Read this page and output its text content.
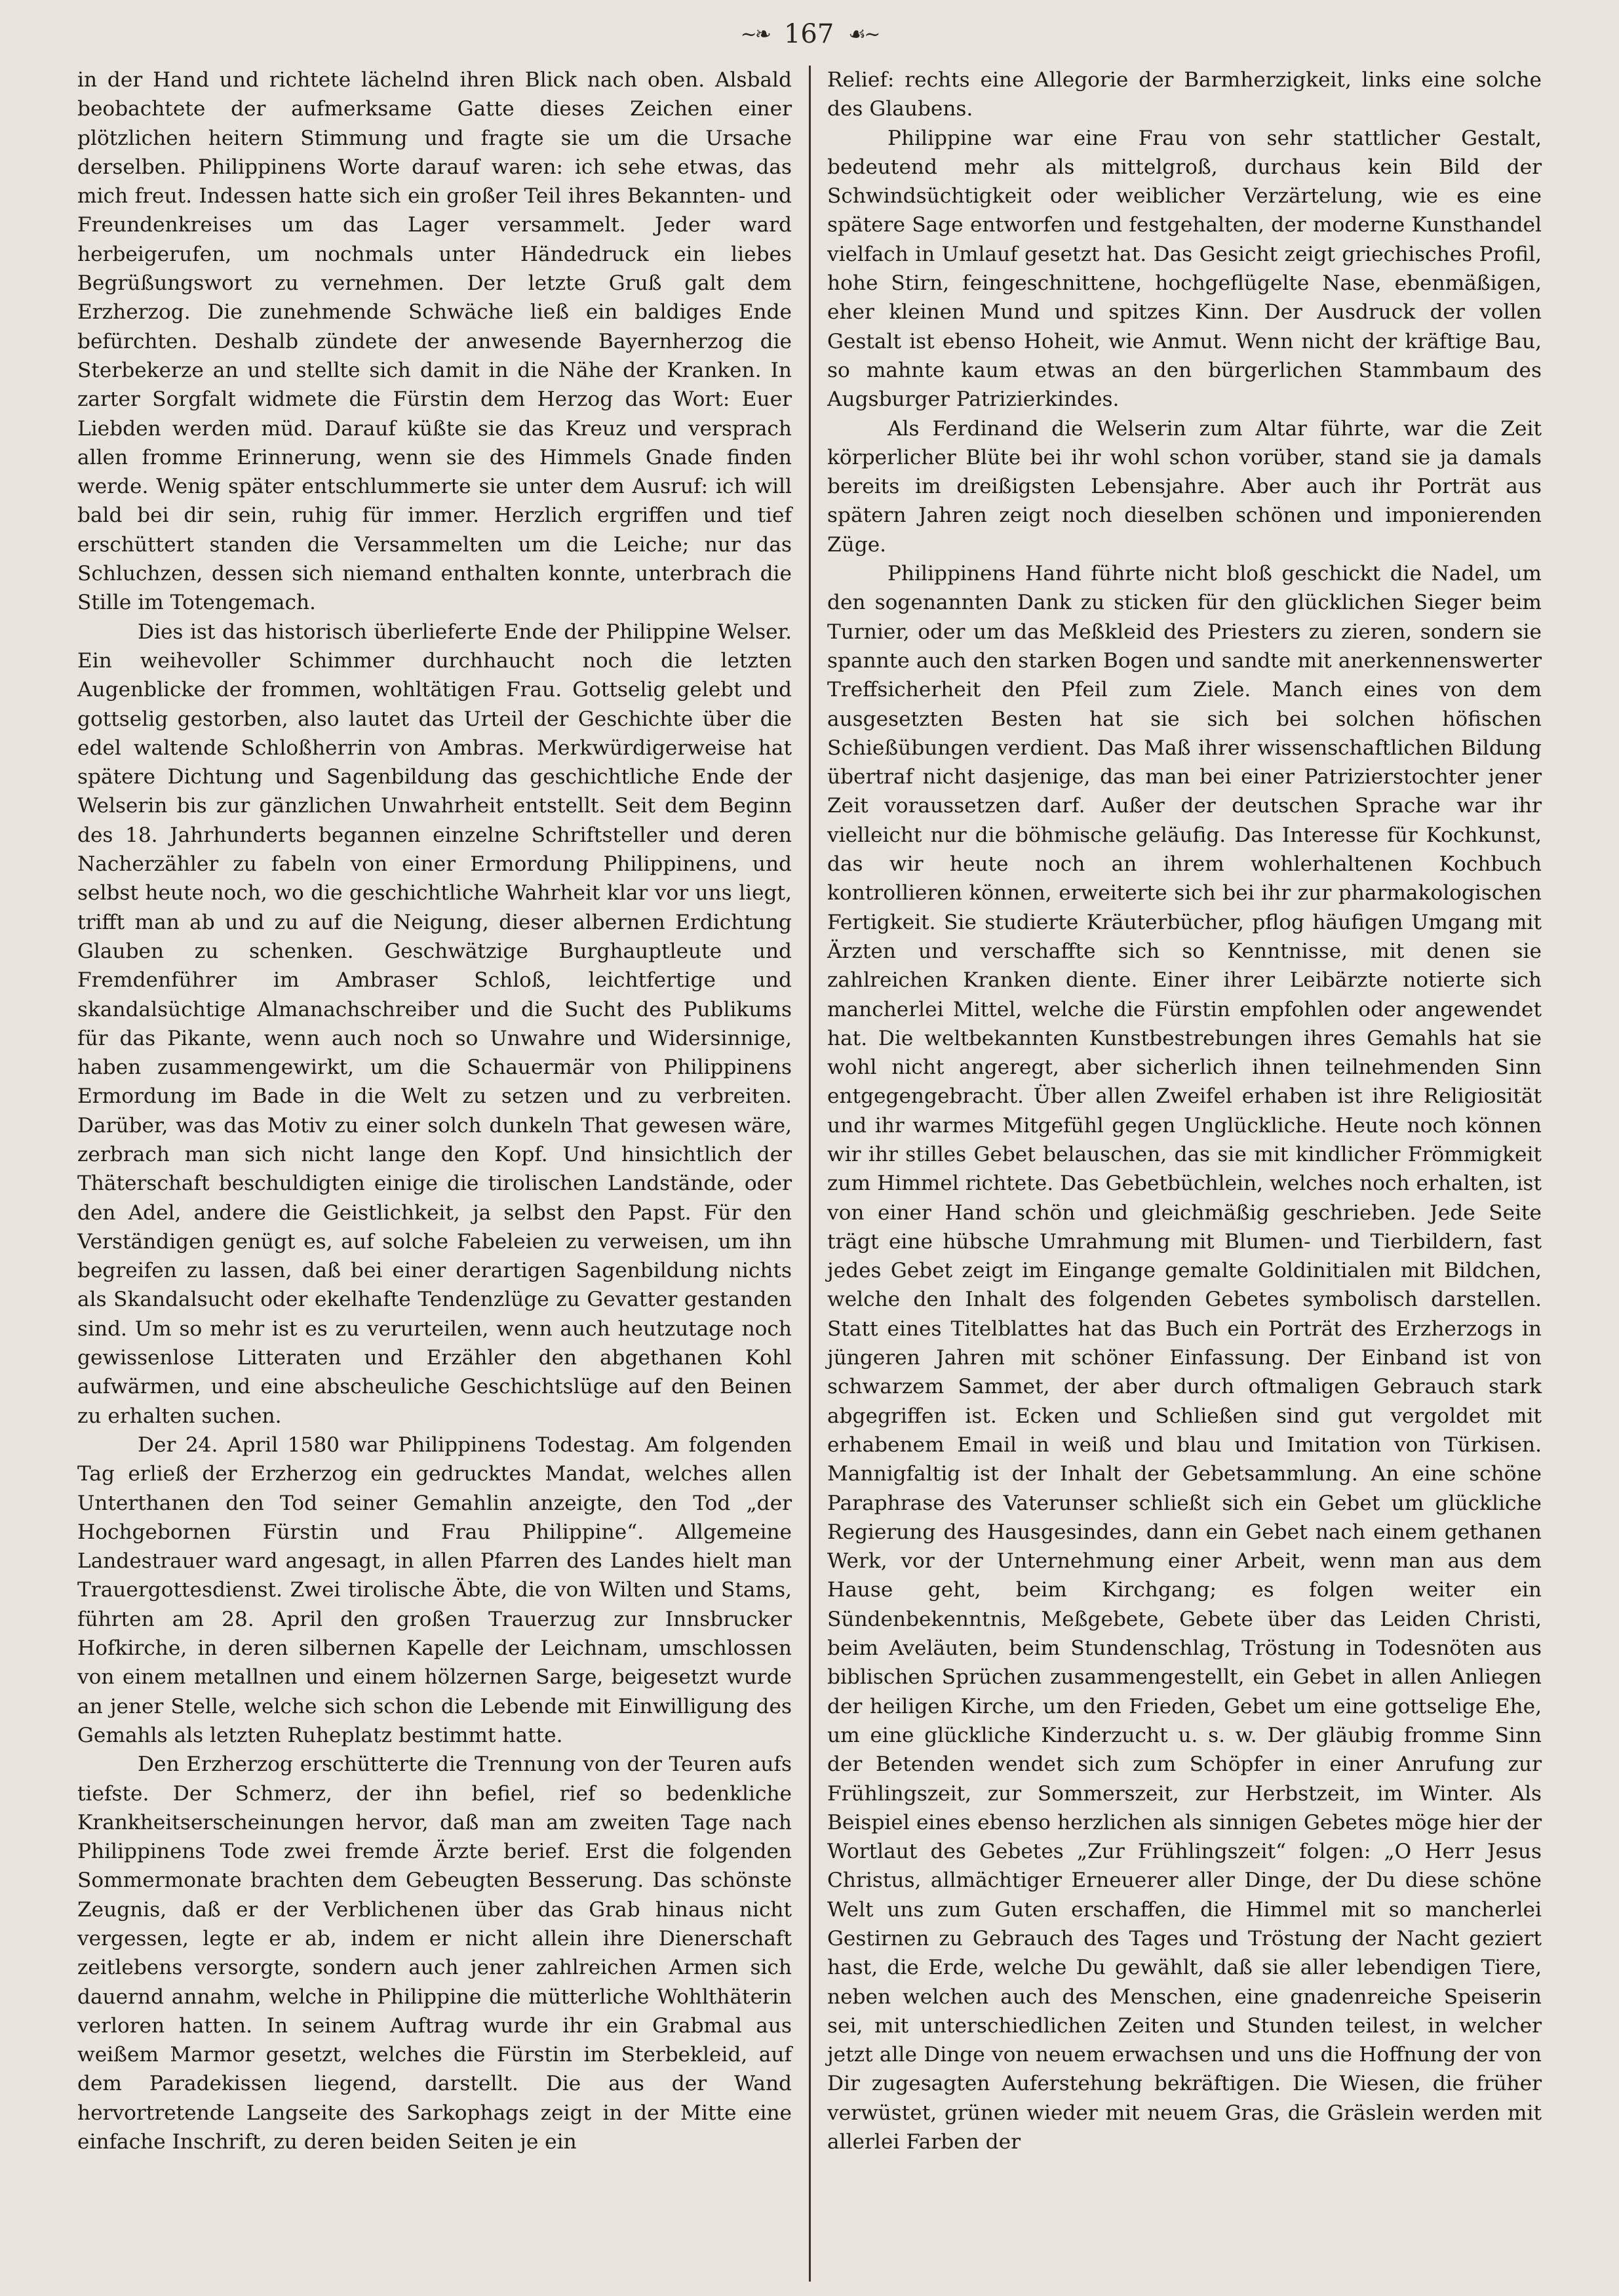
~❧ 167 ☙~

in der Hand und richtete lächelnd ihren Blick nach oben. Alsbald beobachtete der aufmerksame Gatte dieses Zeichen einer plötzlichen heitern Stimmung und fragte sie um die Ursache derselben. Philippinens Worte darauf waren: ich sehe etwas, das mich freut. Indessen hatte sich ein großer Teil ihres Bekannten- und Freundenkreises um das Lager versammelt. Jeder ward herbeigerufen, um nochmals unter Händedruck ein liebes Begrüßungswort zu vernehmen. Der letzte Gruß galt dem Erzherzog. Die zunehmende Schwäche ließ ein baldiges Ende befürchten. Deshalb zündete der anwesende Bayernherzog die Sterbekerze an und stellte sich damit in die Nähe der Kranken. In zarter Sorgfalt widmete die Fürstin dem Herzog das Wort: Euer Liebden werden müd. Darauf küßte sie das Kreuz und versprach allen fromme Erinnerung, wenn sie des Himmels Gnade finden werde. Wenig später entschlummerte sie unter dem Ausruf: ich will bald bei dir sein, ruhig für immer. Herzlich ergriffen und tief erschüttert standen die Versammelten um die Leiche; nur das Schluchzen, dessen sich niemand enthalten konnte, unterbrach die Stille im Totengemach.

Dies ist das historisch überlieferte Ende der Philippine Welser. Ein weihevoller Schimmer durchhaucht noch die letzten Augenblicke der frommen, wohltätigen Frau. Gottselig gelebt und gottselig gestorben, also lautet das Urteil der Geschichte über die edel waltende Schloßherrin von Ambras. Merkwürdigerweise hat spätere Dichtung und Sagenbildung das geschichtliche Ende der Welserin bis zur gänzlichen Unwahrheit entstellt. Seit dem Beginn des 18. Jahrhunderts begannen einzelne Schriftsteller und deren Nacherzähler zu fabeln von einer Ermordung Philippinens, und selbst heute noch, wo die geschichtliche Wahrheit klar vor uns liegt, trifft man ab und zu auf die Neigung, dieser albernen Erdichtung Glauben zu schenken. Geschwätzige Burghauptleute und Fremdenführer im Ambraser Schloß, leichtfertige und skandalsüchtige Almanachschreiber und die Sucht des Publikums für das Pikante, wenn auch noch so Unwahre und Widersinnige, haben zusammengewirkt, um die Schauermär von Philippinens Ermordung im Bade in die Welt zu setzen und zu verbreiten. Darüber, was das Motiv zu einer solch dunkeln That gewesen wäre, zerbrach man sich nicht lange den Kopf. Und hinsichtlich der Thäterschaft beschuldigten einige die tirolischen Landstände, oder den Adel, andere die Geistlichkeit, ja selbst den Papst. Für den Verständigen genügt es, auf solche Fabeleien zu verweisen, um ihn begreifen zu lassen, daß bei einer derartigen Sagenbildung nichts als Skandalsucht oder ekelhafte Tendenzlüge zu Gevatter gestanden sind. Um so mehr ist es zu verurteilen, wenn auch heutzutage noch gewissenlose Litteraten und Erzähler den abgethanen Kohl aufwärmen, und eine abscheuliche Geschichtslüge auf den Beinen zu erhalten suchen.

Der 24. April 1580 war Philippinens Todestag. Am folgenden Tag erließ der Erzherzog ein gedrucktes Mandat, welches allen Unterthanen den Tod seiner Gemahlin anzeigte, den Tod „der Hochgebornen Fürstin und Frau Philippine“. Allgemeine Landestrauer ward angesagt, in allen Pfarren des Landes hielt man Trauergottesdienst. Zwei tirolische Äbte, die von Wilten und Stams, führten am 28. April den großen Trauerzug zur Innsbrucker Hofkirche, in deren silbernen Kapelle der Leichnam, umschlossen von einem metallnen und einem hölzernen Sarge, beigesetzt wurde an jener Stelle, welche sich schon die Lebende mit Einwilligung des Gemahls als letzten Ruheplatz bestimmt hatte.

Den Erzherzog erschütterte die Trennung von der Teuren aufs tiefste. Der Schmerz, der ihn befiel, rief so bedenkliche Krankheitserscheinungen hervor, daß man am zweiten Tage nach Philippinens Tode zwei fremde Ärzte berief. Erst die folgenden Sommermonate brachten dem Gebeugten Besserung. Das schönste Zeugnis, daß er der Verblichenen über das Grab hinaus nicht vergessen, legte er ab, indem er nicht allein ihre Dienerschaft zeitlebens versorgte, sondern auch jener zahlreichen Armen sich dauernd annahm, welche in Philippine die mütterliche Wohlthäterin verloren hatten. In seinem Auftrag wurde ihr ein Grabmal aus weißem Marmor gesetzt, welches die Fürstin im Sterbekleid, auf dem Paradekissen liegend, darstellt. Die aus der Wand hervortretende Langseite des Sarkophags zeigt in der Mitte eine einfache Inschrift, zu deren beiden Seiten je ein

Relief: rechts eine Allegorie der Barmherzigkeit, links eine solche des Glaubens.

Philippine war eine Frau von sehr stattlicher Gestalt, bedeutend mehr als mittelgroß, durchaus kein Bild der Schwindsüchtigkeit oder weiblicher Verzärtelung, wie es eine spätere Sage entworfen und festgehalten, der moderne Kunsthandel vielfach in Umlauf gesetzt hat. Das Gesicht zeigt griechisches Profil, hohe Stirn, feingeschnittene, hochgeflügelte Nase, ebenmäßigen, eher kleinen Mund und spitzes Kinn. Der Ausdruck der vollen Gestalt ist ebenso Hoheit, wie Anmut. Wenn nicht der kräftige Bau, so mahnte kaum etwas an den bürgerlichen Stammbaum des Augsburger Patrizierkindes.

Als Ferdinand die Welserin zum Altar führte, war die Zeit körperlicher Blüte bei ihr wohl schon vorüber, stand sie ja damals bereits im dreißigsten Lebensjahre. Aber auch ihr Porträt aus spätern Jahren zeigt noch dieselben schönen und imponierenden Züge.

Philippinens Hand führte nicht bloß geschickt die Nadel, um den sogenannten Dank zu sticken für den glücklichen Sieger beim Turnier, oder um das Meßkleid des Priesters zu zieren, sondern sie spannte auch den starken Bogen und sandte mit anerkennenswerter Treffsicherheit den Pfeil zum Ziele. Manch eines von dem ausgesetzten Besten hat sie sich bei solchen höfischen Schießübungen verdient. Das Maß ihrer wissenschaftlichen Bildung übertraf nicht dasjenige, das man bei einer Patrizierstochter jener Zeit voraussetzen darf. Außer der deutschen Sprache war ihr vielleicht nur die böhmische geläufig. Das Interesse für Kochkunst, das wir heute noch an ihrem wohlerhaltenen Kochbuch kontrollieren können, erweiterte sich bei ihr zur pharmakologischen Fertigkeit. Sie studierte Kräuterbücher, pflog häufigen Umgang mit Ärzten und verschaffte sich so Kenntnisse, mit denen sie zahlreichen Kranken diente. Einer ihrer Leibärzte notierte sich mancherlei Mittel, welche die Fürstin empfohlen oder angewendet hat. Die weltbekannten Kunstbestrebungen ihres Gemahls hat sie wohl nicht angeregt, aber sicherlich ihnen teilnehmenden Sinn entgegengebracht. Über allen Zweifel erhaben ist ihre Religiosität und ihr warmes Mitgefühl gegen Unglückliche. Heute noch können wir ihr stilles Gebet belauschen, das sie mit kindlicher Frömmigkeit zum Himmel richtete. Das Gebetbüchlein, welches noch erhalten, ist von einer Hand schön und gleichmäßig geschrieben. Jede Seite trägt eine hübsche Umrahmung mit Blumen- und Tierbildern, fast jedes Gebet zeigt im Eingange gemalte Goldinitialen mit Bildchen, welche den Inhalt des folgenden Gebetes symbolisch darstellen. Statt eines Titelblattes hat das Buch ein Porträt des Erzherzogs in jüngeren Jahren mit schöner Einfassung. Der Einband ist von schwarzem Sammet, der aber durch oftmaligen Gebrauch stark abgegriffen ist. Ecken und Schließen sind gut vergoldet mit erhabenem Email in weiß und blau und Imitation von Türkisen. Mannigfaltig ist der Inhalt der Gebetsammlung. An eine schöne Paraphrase des Vaterunser schließt sich ein Gebet um glückliche Regierung des Hausgesindes, dann ein Gebet nach einem gethanen Werk, vor der Unternehmung einer Arbeit, wenn man aus dem Hause geht, beim Kirchgang; es folgen weiter ein Sündenbekenntnis, Meßgebete, Gebete über das Leiden Christi, beim Aveläuten, beim Stundenschlag, Tröstung in Todesnöten aus biblischen Sprüchen zusammengestellt, ein Gebet in allen Anliegen der heiligen Kirche, um den Frieden, Gebet um eine gottselige Ehe, um eine glückliche Kinderzucht u. s. w. Der gläubig fromme Sinn der Betenden wendet sich zum Schöpfer in einer Anrufung zur Frühlingszeit, zur Sommerszeit, zur Herbstzeit, im Winter. Als Beispiel eines ebenso herzlichen als sinnigen Gebetes möge hier der Wortlaut des Gebetes „Zur Frühlingszeit“ folgen: „O Herr Jesus Christus, allmächtiger Erneuerer aller Dinge, der Du diese schöne Welt uns zum Guten erschaffen, die Himmel mit so mancherlei Gestirnen zu Gebrauch des Tages und Tröstung der Nacht geziert hast, die Erde, welche Du gewählt, daß sie aller lebendigen Tiere, neben welchen auch des Menschen, eine gnadenreiche Speiserin sei, mit unterschiedlichen Zeiten und Stunden teilest, in welcher jetzt alle Dinge von neuem erwachsen und uns die Hoffnung der von Dir zugesagten Auferstehung bekräftigen. Die Wiesen, die früher verwüstet, grünen wieder mit neuem Gras, die Gräslein werden mit allerlei Farben der
